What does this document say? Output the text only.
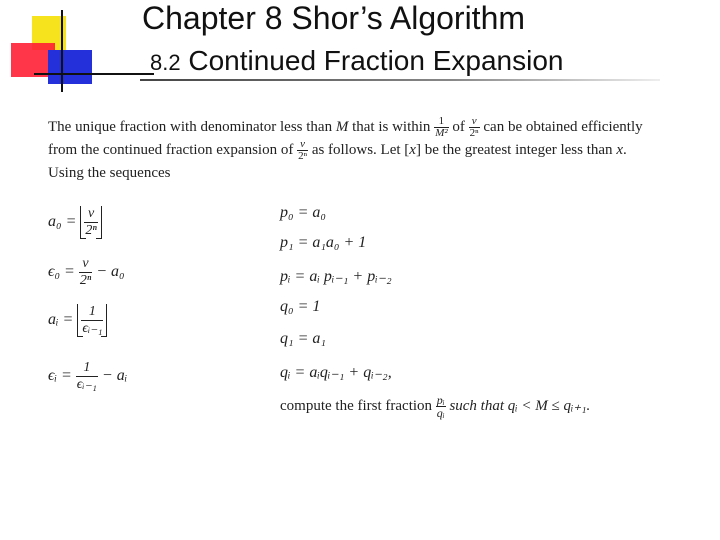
Chapter 8 Shor’s Algorithm
8.2 Continued Fraction Expansion
The unique fraction with denominator less than M that is within $\frac{1}{\text{M²}}$ of $\frac{v}{\text{2ⁿ}}$ can be obtained efficiently
from the continued fraction expansion of $\frac{v}{\text{2ⁿ}}$ as follows. Let [x] be the greatest integer less than x.
Using the sequences
$a_0 = \frac{v}{\text{2ⁿ}}$
$\epsilon_0 = \frac{v}{\text{2ⁿ}} - a_0$
aᵢ = $\frac{1}{\text{ϵᵢ₋₁}}$
ϵᵢ = $\frac{1}{\text{ϵᵢ₋₁}}$ − aᵢ
p₀ = a₀
p₁ = a₁a₀ + 1
pᵢ = aᵢ pᵢ₋₁ + pᵢ₋₂
q₀ = 1
q₁ = a₁
qᵢ = aᵢqᵢ₋₁ + qᵢ₋₂,
compute the first fraction $\frac{\text{pᵢ}}{\text{qᵢ}}$ such that qᵢ < M ≤ qᵢ₊₁.
